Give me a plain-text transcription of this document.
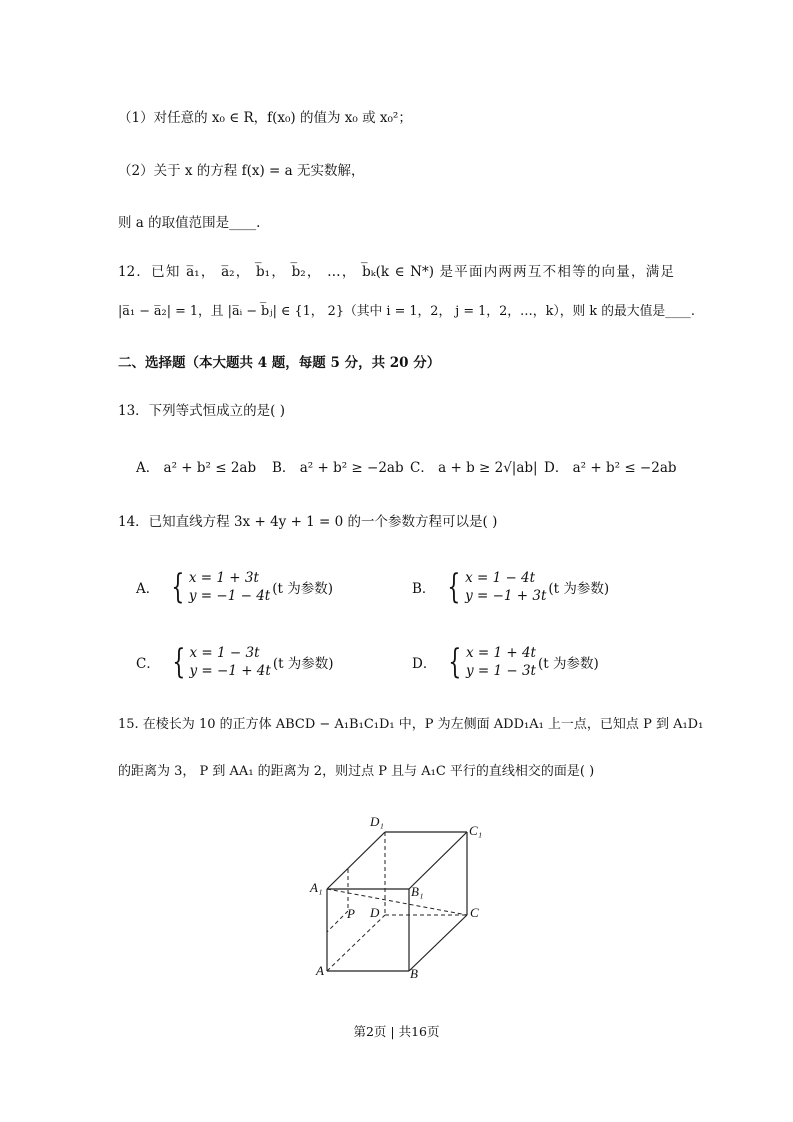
（1）对任意的 x₀ ∈ R，f(x₀) 的值为 x₀ 或 x₀²；
（2）关于 x 的方程 f(x) = a 无实数解，
则 a 的取值范围是____.
12．已知 a̅₁， a̅₂， b̅₁， b̅₂， …， b̅ₖ(k ∈ N*) 是平面内两两互不相等的向量，满足
|a̅₁ − a̅₂| = 1，且 |a̅ᵢ − b̅ⱼ| ∈ {1， 2}（其中 i = 1，2， j = 1，2，…，k），则 k 的最大值是____.
二、选择题（本大题共 4 题，每题 5 分，共 20 分）
13．下列等式恒成立的是( )
A． a² + b² ≤ 2ab B． a² + b² ≥ −2ab C． a + b ≥ 2√|ab| D． a² + b² ≤ −2ab
14．已知直线方程 3x + 4y + 1 = 0 的一个参数方程可以是( )
A． { x = 1 + 3t
y = −1 − 4t (t 为参数)	B． { x = 1 − 4t
y = −1 + 3t (t 为参数)
C． { x = 1 − 3t
y = −1 + 4t (t 为参数)	D． { x = 1 + 4t
y = 1 − 3t (t 为参数)
15. 在棱长为 10 的正方体 ABCD − A₁B₁C₁D₁ 中，P 为左侧面 ADD₁A₁ 上一点，已知点 P 到 A₁D₁
的距离为 3， P 到 AA₁ 的距离为 2，则过点 P 且与 A₁C 平行的直线相交的面是( )
D₁
C₁
A₁	B₁
P D	C
A	B
第2页 | 共16页
